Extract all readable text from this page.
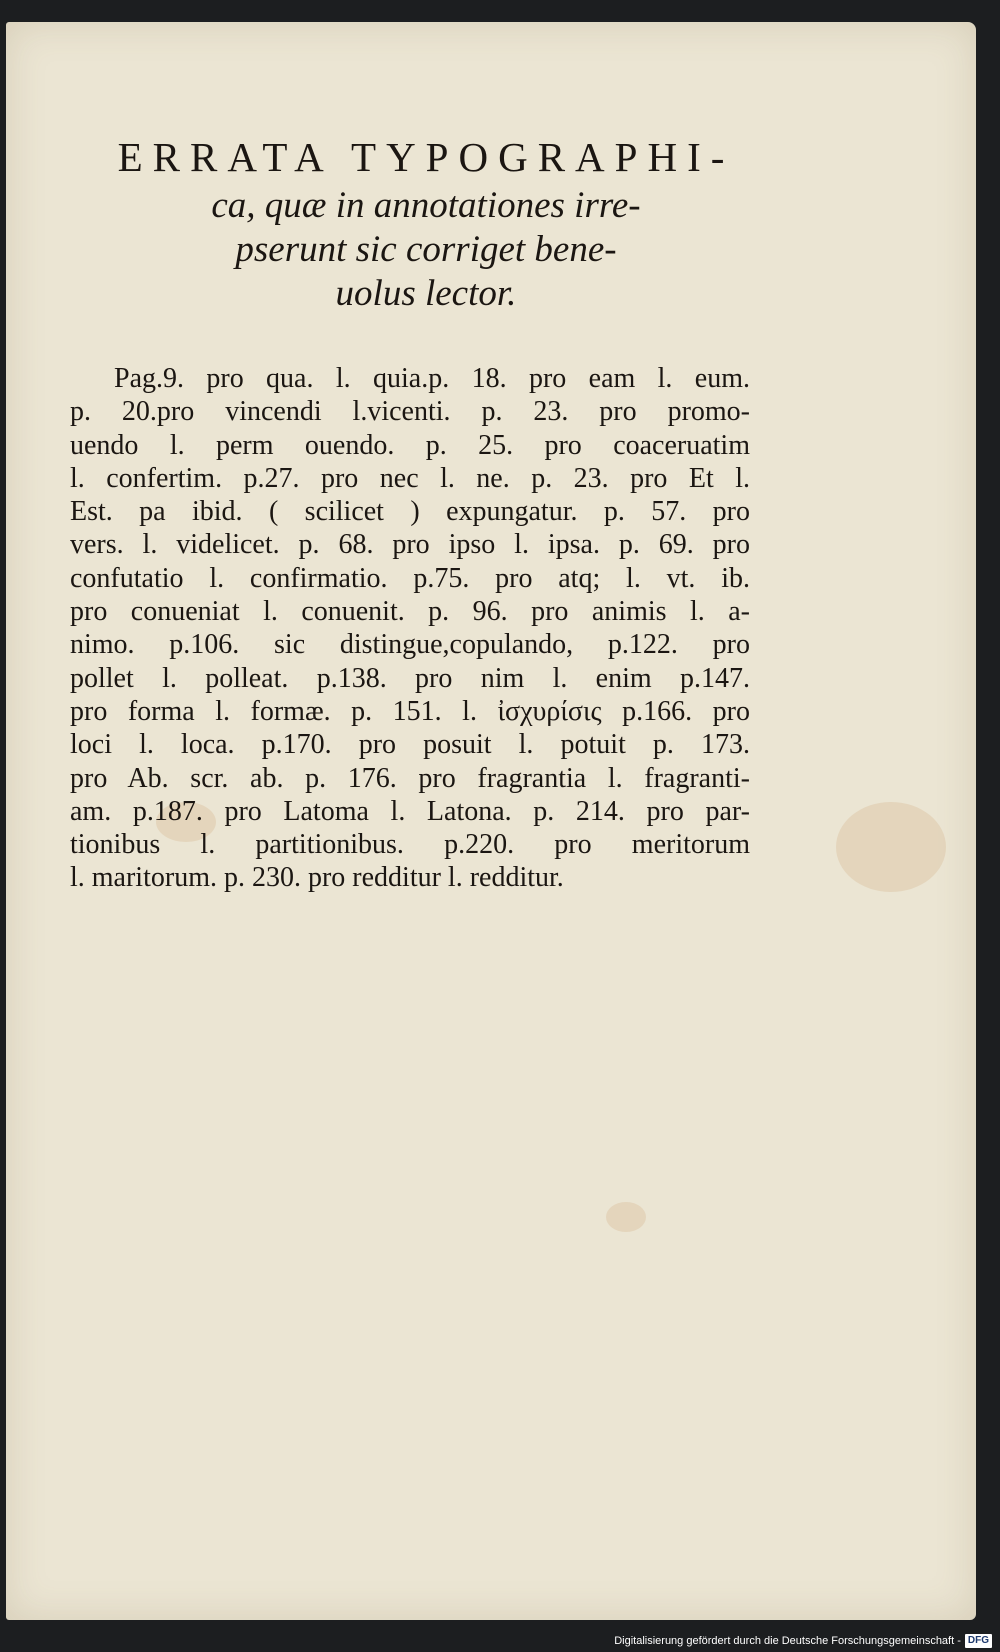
ERRATA TYPOGRAPHI-
ca, quæ in annotationes irre-
pserunt sic corriget bene-
uolus lector.
Pag.9. pro qua. l. quia.p. 18. pro eam l. eum.
p. 20.pro vincendi l.vicenti. p. 23. pro promo-
uendo l. perm ouendo. p. 25. pro coaceruatim
l. confertim. p.27. pro nec l. ne. p. 23. pro Et l.
Est. pa ibid. ( scilicet ) expungatur. p. 57. pro
vers. l. videlicet. p. 68. pro ipso l. ipsa. p. 69. pro
confutatio l. confirmatio. p.75. pro atq; l. vt. ib.
pro conueniat l. conuenit. p. 96. pro animis l. a-
nimo. p.106. sic distingue,copulando, p.122. pro
pollet l. polleat. p.138. pro nim l. enim p.147.
pro forma l. formæ. p. 151. l. ἰσχυρίσις p.166. pro
loci l. loca. p.170. pro posuit l. potuit p. 173.
pro Ab. scr. ab. p. 176. pro fragrantia l. fragranti-
am. p.187. pro Latoma l. Latona. p. 214. pro par-
tionibus l. partitionibus. p.220. pro meritorum
l. maritorum. p. 230. pro redditur l. redditur.
Digitalisierung gefördert durch die Deutsche Forschungsgemeinschaft - DFG
